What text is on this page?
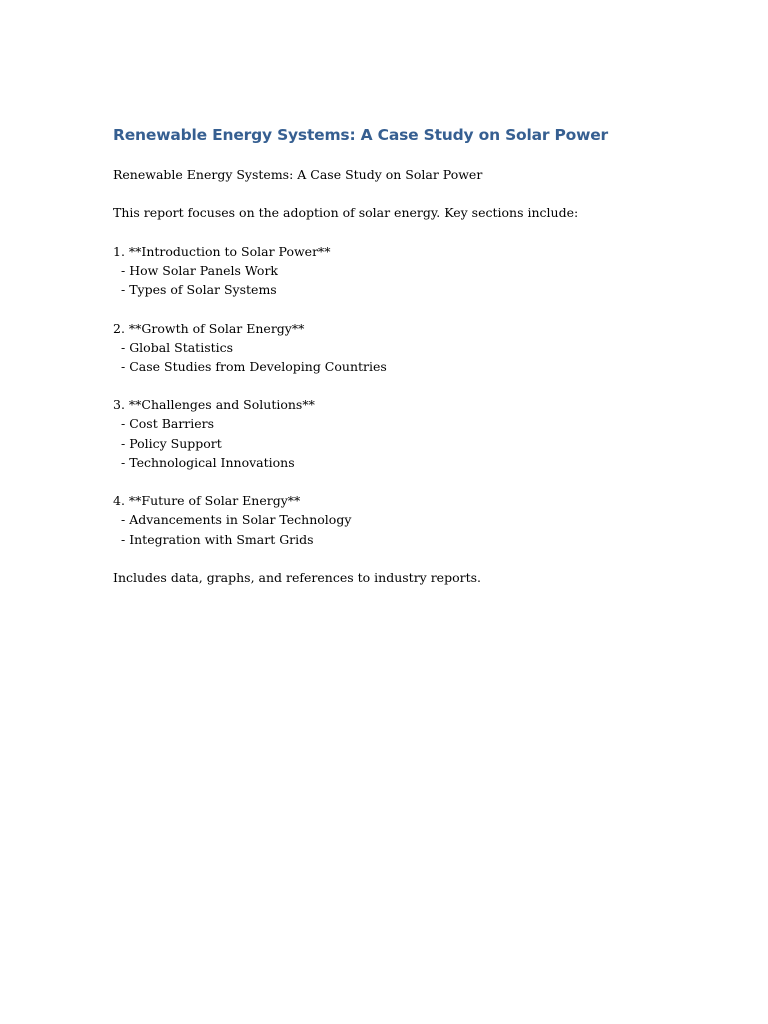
Renewable Energy Systems: A Case Study on Solar Power
Renewable Energy Systems: A Case Study on Solar Power
This report focuses on the adoption of solar energy. Key sections include:
1. **Introduction to Solar Power**
- How Solar Panels Work
- Types of Solar Systems
2. **Growth of Solar Energy**
- Global Statistics
- Case Studies from Developing Countries
3. **Challenges and Solutions**
- Cost Barriers
- Policy Support
- Technological Innovations
4. **Future of Solar Energy**
- Advancements in Solar Technology
- Integration with Smart Grids
Includes data, graphs, and references to industry reports.
